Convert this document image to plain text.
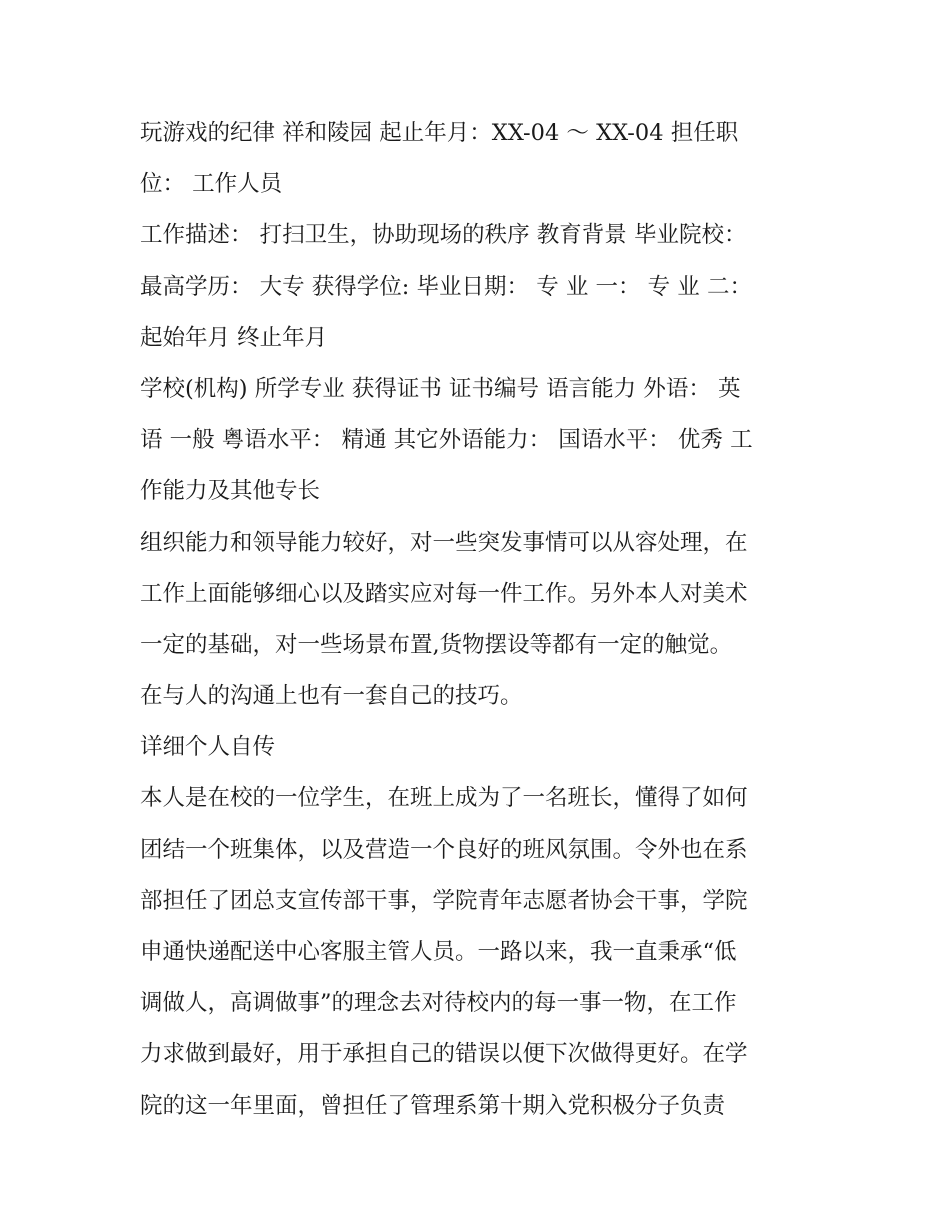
玩游戏的纪律 祥和陵园 起止年月：XX-04 ～ XX-04 担任职
位： 工作人员
工作描述： 打扫卫生，协助现场的秩序 教育背景 毕业院校：
最高学历： 大专 获得学位: 毕业日期： 专 业 一： 专 业 二：
起始年月 终止年月
学校(机构) 所学专业 获得证书 证书编号 语言能力 外语： 英
语 一般 粤语水平： 精通 其它外语能力： 国语水平： 优秀 工
作能力及其他专长
组织能力和领导能力较好，对一些突发事情可以从容处理，在
工作上面能够细心以及踏实应对每一件工作。另外本人对美术
一定的基础，对一些场景布置,货物摆设等都有一定的触觉。
在与人的沟通上也有一套自己的技巧。
详细个人自传
本人是在校的一位学生，在班上成为了一名班长，懂得了如何
团结一个班集体，以及营造一个良好的班风氛围。令外也在系
部担任了团总支宣传部干事，学院青年志愿者协会干事，学院
申通快递配送中心客服主管人员。一路以来，我一直秉承“低
调做人，高调做事”的理念去对待校内的每一事一物，在工作
力求做到最好，用于承担自己的错误以便下次做得更好。在学
院的这一年里面，曾担任了管理系第十期入党积极分子负责
